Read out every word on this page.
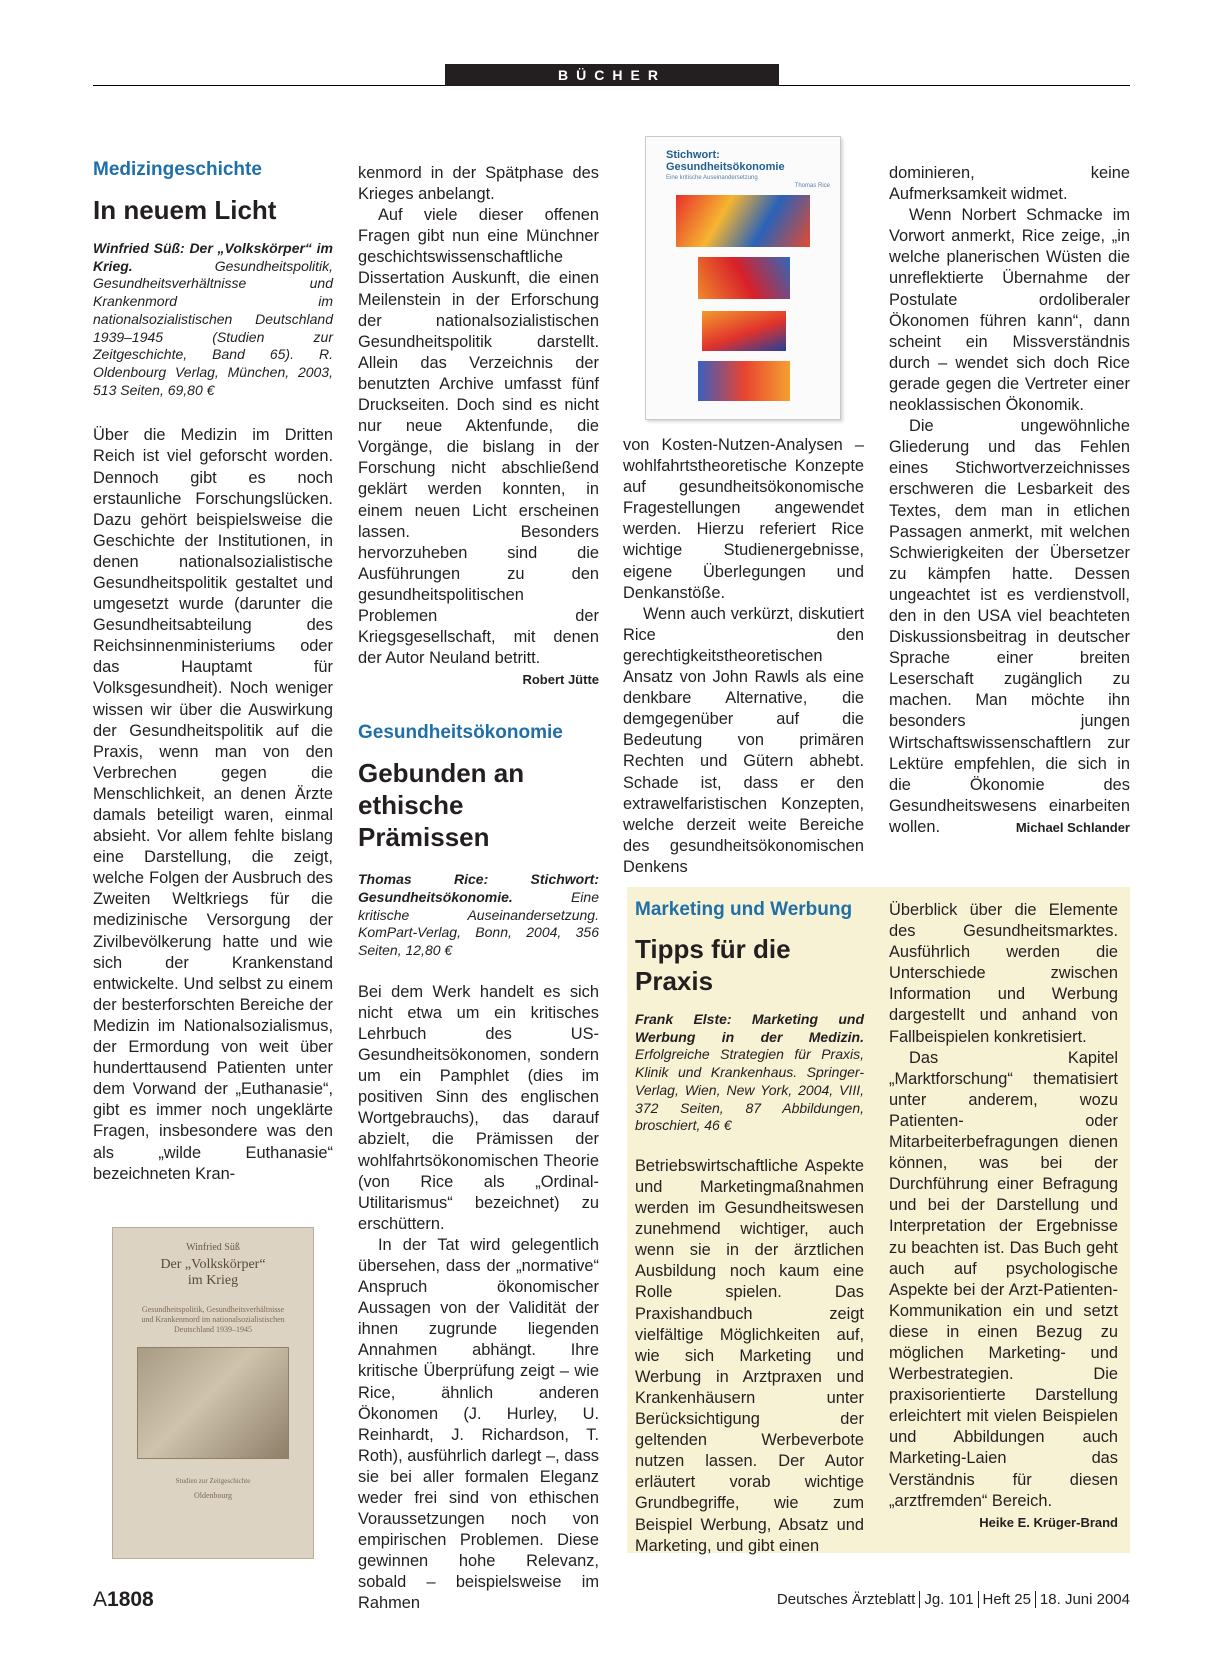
BÜCHER

Medizingeschichte

In neuem Licht

Winfried Süß: Der „Volkskörper“ im Krieg.	Gesundheitspolitik, Gesundheitsverhältnisse und Krankenmord im nationalsozialistischen Deutschland 1939–1945 (Studien zur Zeitgeschichte, Band 65). R. Oldenbourg Verlag, München, 2003, 513 Seiten, 69,80 €

Über die Medizin im Dritten Reich ist viel geforscht worden. Dennoch gibt es noch erstaunliche Forschungslücken. Dazu gehört beispielsweise die Geschichte der Institutionen, in denen nationalsozialistische Gesundheitspolitik gestaltet und umgesetzt wurde (darunter die Gesundheitsabteilung des Reichsinnenministeriums oder das Hauptamt für Volksgesundheit). Noch weniger wissen wir über die Auswirkung der Gesundheitspolitik auf die Praxis, wenn man von den Verbrechen gegen die Menschlichkeit, an denen Ärzte damals beteiligt waren, einmal absieht. Vor allem fehlte bislang eine Darstellung, die zeigt, welche Folgen der Ausbruch des Zweiten Weltkriegs für die medizinische Versorgung der Zivilbevölkerung hatte und wie sich der Krankenstand entwickelte. Und selbst zu einem der besterforschten Bereiche der Medizin im Nationalsozialismus, der Ermordung von weit über hunderttausend Patienten unter dem Vorwand der „Euthanasie“, gibt es immer noch ungeklärte Fragen, insbesondere was den als „wilde Euthanasie“ bezeichneten Kran-

Winfried Süß
Der „Volkskörper“
im Krieg
Gesundheitspolitik, Gesundheitsverhältnisse und Krankenmord im nationalsozialistischen Deutschland 1939–1945
Studien zur Zeitgeschichte
Oldenbourg

kenmord in der Spätphase des Krieges anbelangt.

Auf viele dieser offenen Fragen gibt nun eine Münchner geschichtswissenschaftliche Dissertation Auskunft, die einen Meilenstein in der Erforschung der nationalsozialistischen Gesundheitspolitik darstellt. Allein das Verzeichnis der benutzten Archive umfasst fünf Druckseiten. Doch sind es nicht nur neue Aktenfunde, die Vorgänge, die bislang in der Forschung nicht abschließend geklärt werden konnten, in einem neuen Licht erscheinen lassen. Besonders hervorzuheben sind die Ausführungen zu den gesundheitspolitischen Problemen der Kriegsgesellschaft, mit denen der Autor Neuland betritt.
Robert Jütte

Gesundheitsökonomie

Gebunden an ethische Prämissen

Thomas Rice: Stichwort: Gesundheitsökonomie.	Eine kritische Auseinandersetzung. KomPart-Verlag, Bonn, 2004, 356 Seiten, 12,80 €

Bei dem Werk handelt es sich nicht etwa um ein kritisches Lehrbuch des US-Gesundheitsökonomen, sondern um ein Pamphlet (dies im positiven Sinn des englischen Wortgebrauchs), das darauf abzielt, die Prämissen der wohlfahrtsökonomischen Theorie (von Rice als „Ordinal-Utilitarismus“ bezeichnet) zu erschüttern.

In der Tat wird gelegentlich übersehen, dass der „normative“ Anspruch ökonomischer Aussagen von der Validität der ihnen zugrunde liegenden Annahmen abhängt. Ihre kritische Überprüfung zeigt – wie Rice, ähnlich anderen Ökonomen (J. Hurley, U. Reinhardt, J. Richardson, T. Roth), ausführlich darlegt –, dass sie bei aller formalen Eleganz weder frei sind von ethischen Voraussetzungen noch von empirischen Problemen. Diese gewinnen hohe Relevanz, sobald – beispielsweise im Rahmen

Stichwort:
Gesundheitsökonomie
Eine kritische Auseinandersetzung
Thomas Rice

von Kosten-Nutzen-Analysen – wohlfahrtstheoretische Konzepte auf gesundheitsökonomische Fragestellungen angewendet werden. Hierzu referiert Rice wichtige Studienergebnisse, eigene Überlegungen und Denkanstöße.

Wenn auch verkürzt, diskutiert Rice den gerechtigkeitstheoretischen Ansatz von John Rawls als eine denkbare Alternative, die demgegenüber auf die Bedeutung von primären Rechten und Gütern abhebt. Schade ist, dass er den extrawelfaristischen Konzepten, welche derzeit weite Bereiche des gesundheitsökonomischen Denkens

dominieren, keine Aufmerksamkeit widmet.

Wenn Norbert Schmacke im Vorwort anmerkt, Rice zeige, „in welche planerischen Wüsten die unreflektierte Übernahme der Postulate ordoliberaler Ökonomen führen kann“, dann scheint ein Missverständnis durch – wendet sich doch Rice gerade gegen die Vertreter einer neoklassischen Ökonomik.

Die ungewöhnliche Gliederung und das Fehlen eines Stichwortverzeichnisses erschweren die Lesbarkeit des Textes, dem man in etlichen Passagen anmerkt, mit welchen Schwierigkeiten der Übersetzer zu kämpfen hatte. Dessen ungeachtet ist es verdienstvoll, den in den USA viel beachteten Diskussionsbeitrag in deutscher Sprache einer breiten Leserschaft zugänglich zu machen. Man möchte ihn besonders jungen Wirtschaftswissenschaftlern zur Lektüre empfehlen, die sich in die Ökonomie des Gesundheitswesens einarbeiten wollen.	Michael Schlander

Marketing und Werbung

Tipps für die Praxis

Frank Elste: Marketing und Werbung in der Medizin. Erfolgreiche Strategien für Praxis, Klinik und Krankenhaus. Springer-Verlag, Wien, New York, 2004, VIII, 372 Seiten, 87 Abbildungen, broschiert, 46 €

Betriebswirtschaftliche Aspekte und Marketingmaßnahmen werden im Gesundheitswesen zunehmend wichtiger, auch wenn sie in der ärztlichen Ausbildung noch kaum eine Rolle spielen. Das Praxishandbuch zeigt vielfältige Möglichkeiten auf, wie sich Marketing und Werbung in Arztpraxen und Krankenhäusern unter Berücksichtigung der geltenden Werbeverbote nutzen lassen. Der Autor erläutert vorab wichtige Grundbegriffe, wie zum Beispiel Werbung, Absatz und Marketing, und gibt einen

Überblick über die Elemente des Gesundheitsmarktes. Ausführlich werden die Unterschiede zwischen Information und Werbung dargestellt und anhand von Fallbeispielen konkretisiert.

Das Kapitel „Marktforschung“ thematisiert unter anderem, wozu Patienten- oder Mitarbeiterbefragungen dienen können, was bei der Durchführung einer Befragung und bei der Darstellung und Interpretation der Ergebnisse zu beachten ist. Das Buch geht auch auf psychologische Aspekte bei der Arzt-Patienten-Kommunikation ein und setzt diese in einen Bezug zu möglichen Marketing- und Werbestrategien. Die praxisorientierte Darstellung erleichtert mit vielen Beispielen und Abbildungen auch Marketing-Laien das Verständnis für diesen „arztfremden“ Bereich.
Heike E. Krüger-Brand

A1808	Deutsches Ärzteblatt Jg. 101 Heft 25 18. Juni 2004
